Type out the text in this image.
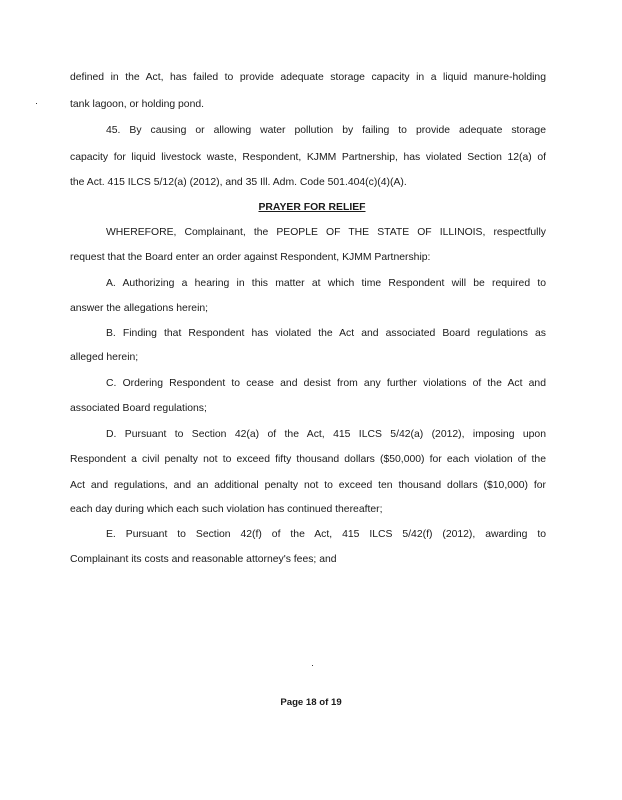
defined in the Act, has failed to provide adequate storage capacity in a liquid manure-holding
tank lagoon, or holding pond.
45. By causing or allowing water pollution by failing to provide adequate storage
capacity for liquid livestock waste, Respondent, KJMM Partnership, has violated Section 12(a) of
the Act. 415 ILCS 5/12(a) (2012), and 35 Ill. Adm. Code 501.404(c)(4)(A).
PRAYER FOR RELIEF
WHEREFORE, Complainant, the PEOPLE OF THE STATE OF ILLINOIS, respectfully
request that the Board enter an order against Respondent, KJMM Partnership:
A. Authorizing a hearing in this matter at which time Respondent will be required to
answer the allegations herein;
B. Finding that Respondent has violated the Act and associated Board regulations as
alleged herein;
C. Ordering Respondent to cease and desist from any further violations of the Act and
associated Board regulations;
D. Pursuant to Section 42(a) of the Act, 415 ILCS 5/42(a) (2012), imposing upon
Respondent a civil penalty not to exceed fifty thousand dollars ($50,000) for each violation of the
Act and regulations, and an additional penalty not to exceed ten thousand dollars ($10,000) for
each day during which each such violation has continued thereafter;
E. Pursuant to Section 42(f) of the Act, 415 ILCS 5/42(f) (2012), awarding to
Complainant its costs and reasonable attorney's fees; and
Page 18 of 19
